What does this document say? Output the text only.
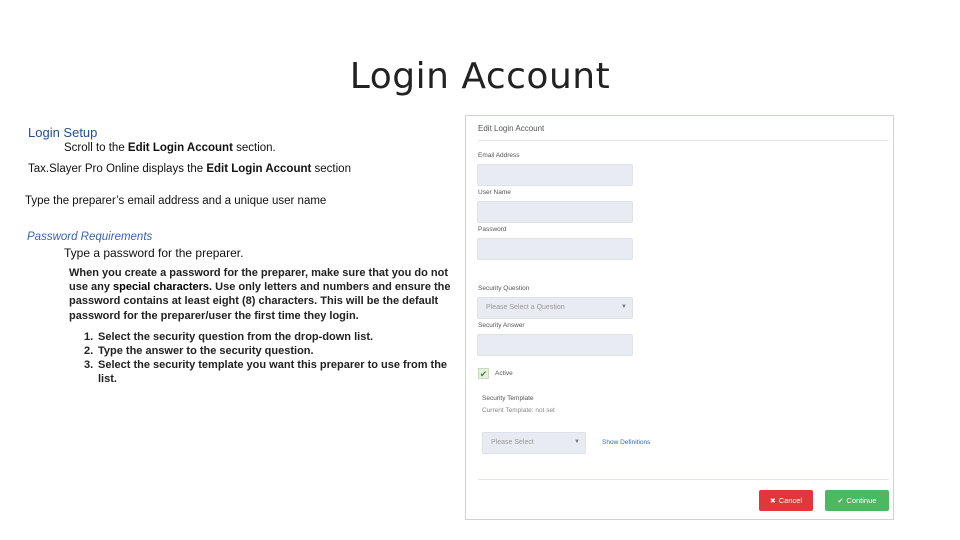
Login Account
Login Setup
Scroll to the Edit Login Account section.
Tax.Slayer Pro Online displays the Edit Login Account section
Type the preparer’s email address and a unique user name
Password Requirements
Type a password for the preparer.
When you create a password for the preparer, make sure that you do not use any special characters. Use only letters and numbers and ensure the password contains at least eight (8) characters. This will be the default password for the preparer/user the first time they login.
1. Select the security question from the drop-down list.
2. Type the answer to the security question.
3. Select the security template you want this preparer to use from the list.
Edit Login Account
Email Address
User Name
Password
Security Question
Please Select a Question	▼
Security Answer
✔ Active
Security Template
Current Template: not set
Please Select	▼	Show Definitions
✖ Cancel	✔ Continue
